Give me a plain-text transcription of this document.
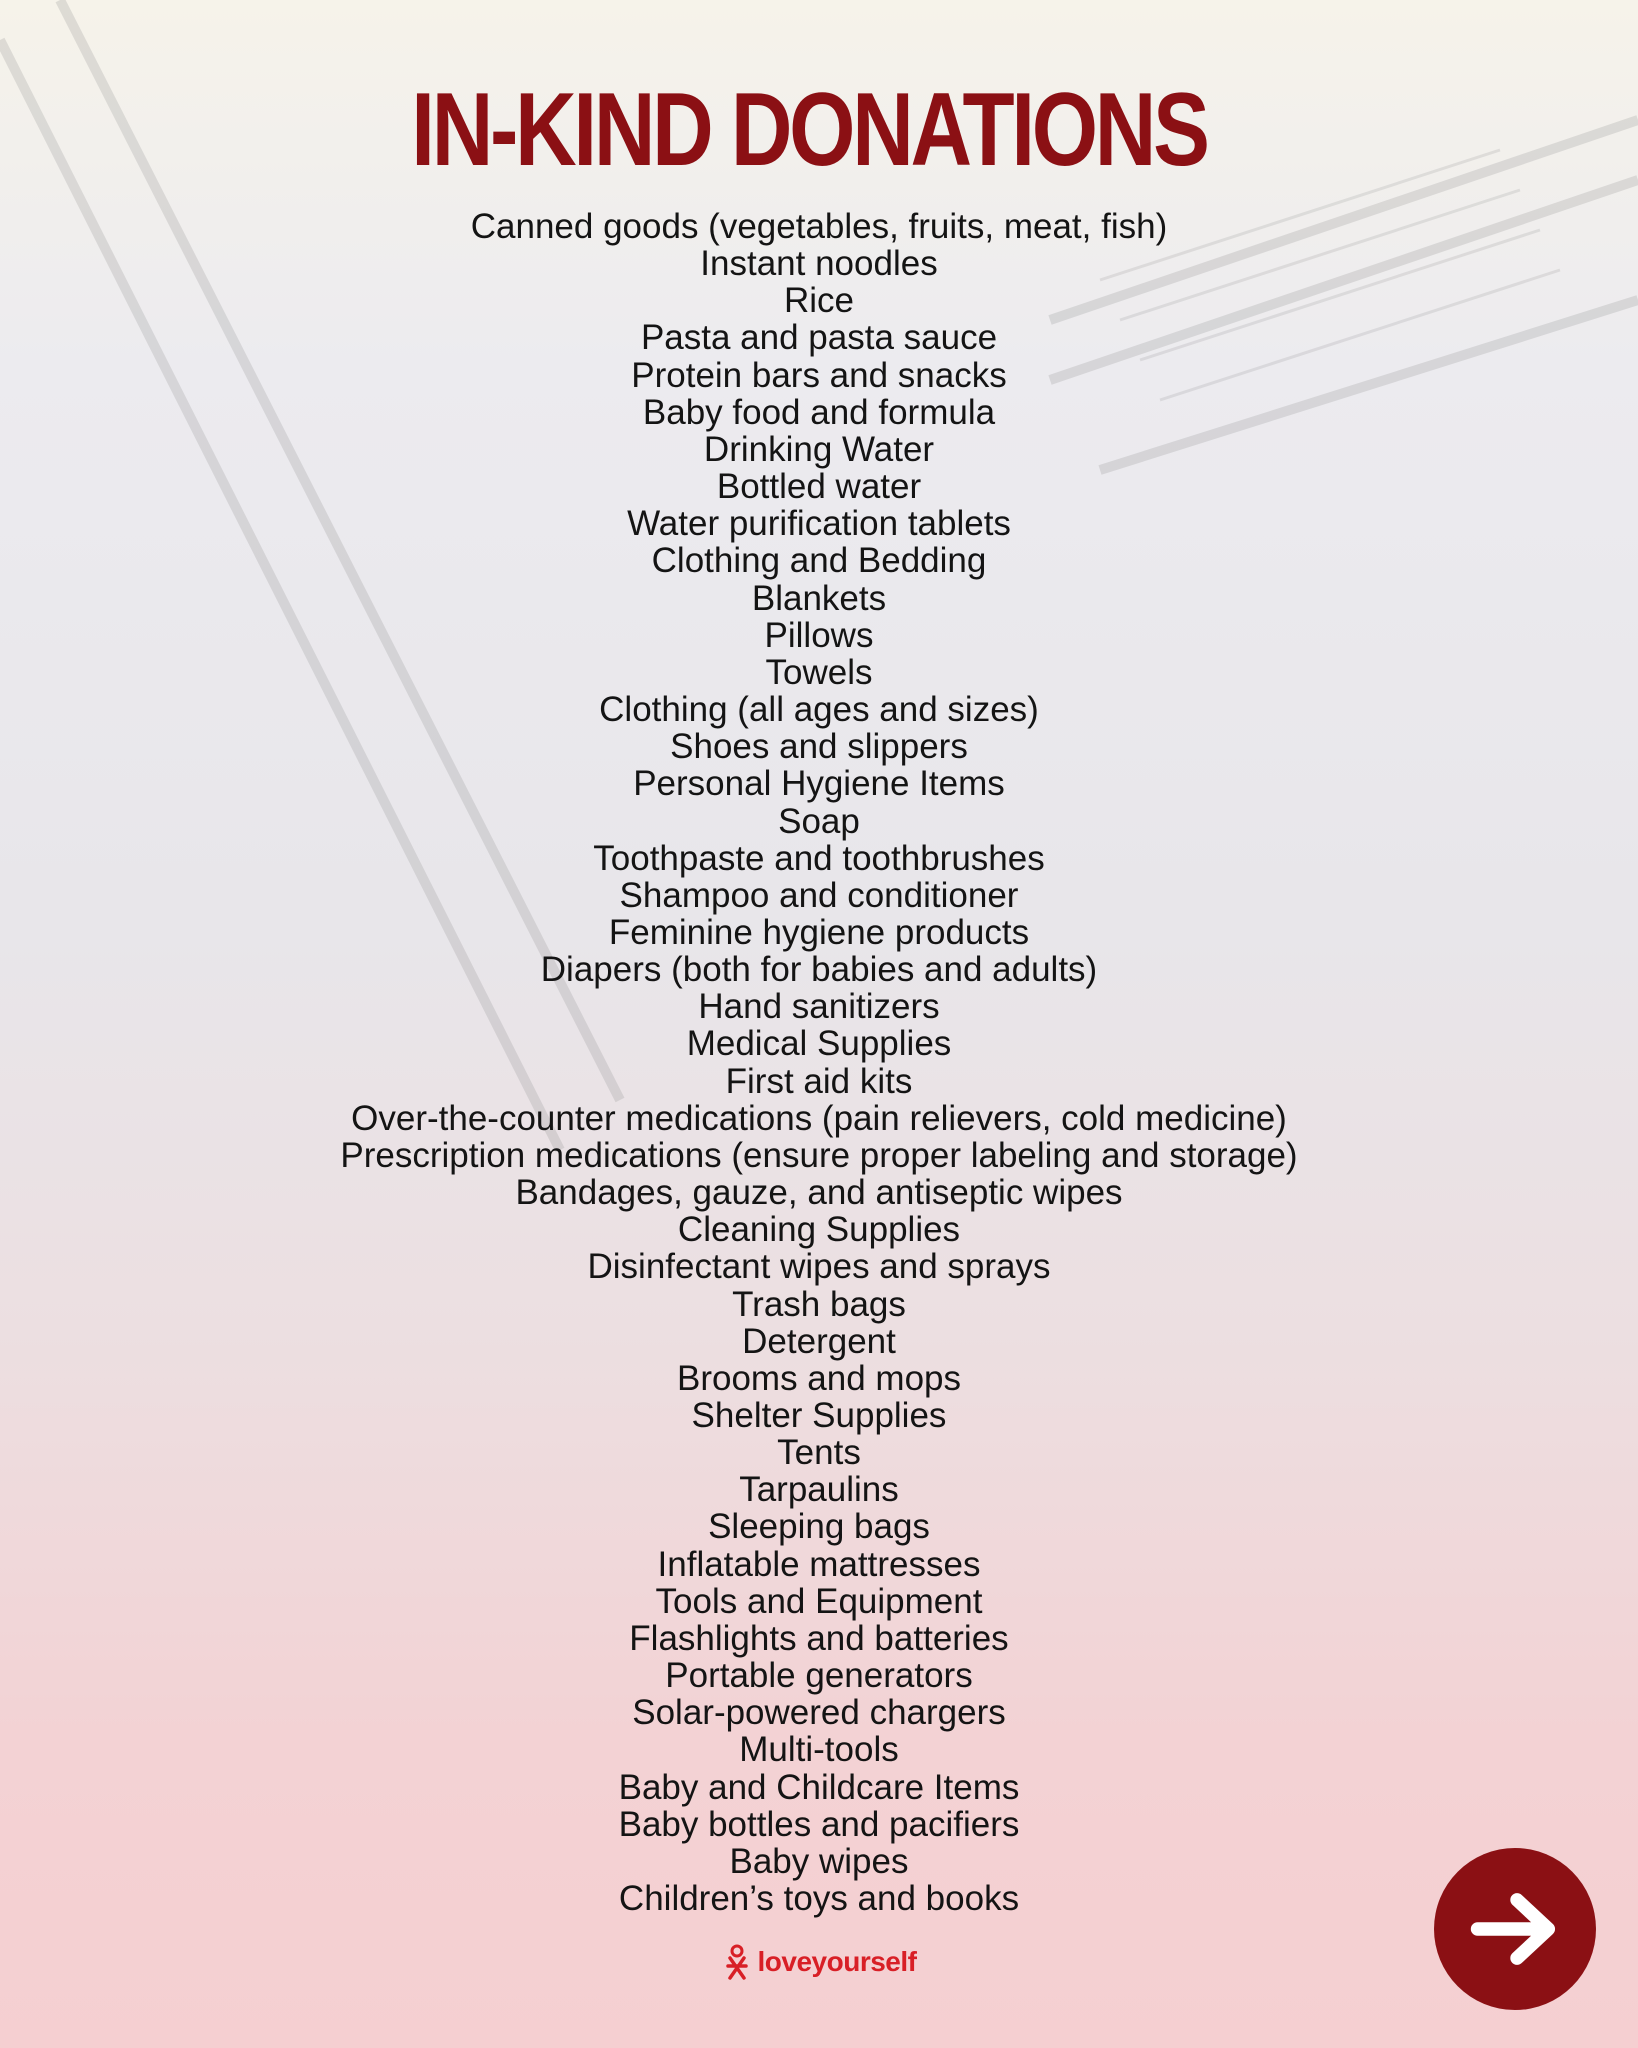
IN-KIND DONATIONS
Canned goods (vegetables, fruits, meat, fish)
Instant noodles
Rice
Pasta and pasta sauce
Protein bars and snacks
Baby food and formula
Drinking Water
Bottled water
Water purification tablets
Clothing and Bedding
Blankets
Pillows
Towels
Clothing (all ages and sizes)
Shoes and slippers
Personal Hygiene Items
Soap
Toothpaste and toothbrushes
Shampoo and conditioner
Feminine hygiene products
Diapers (both for babies and adults)
Hand sanitizers
Medical Supplies
First aid kits
Over-the-counter medications (pain relievers, cold medicine)
Prescription medications (ensure proper labeling and storage)
Bandages, gauze, and antiseptic wipes
Cleaning Supplies
Disinfectant wipes and sprays
Trash bags
Detergent
Brooms and mops
Shelter Supplies
Tents
Tarpaulins
Sleeping bags
Inflatable mattresses
Tools and Equipment
Flashlights and batteries
Portable generators
Solar-powered chargers
Multi-tools
Baby and Childcare Items
Baby bottles and pacifiers
Baby wipes
Children’s toys and books
loveyourself
